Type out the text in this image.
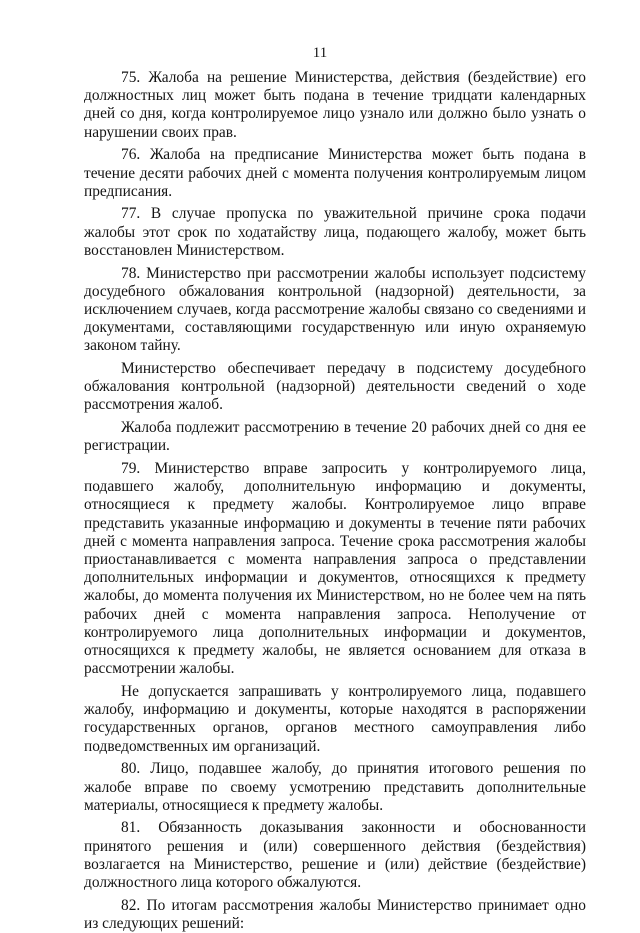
11

75. Жалоба на решение Министерства, действия (бездействие) его должностных лиц может быть подана в течение тридцати календарных дней со дня, когда контролируемое лицо узнало или должно было узнать о нарушении своих прав.

76. Жалоба на предписание Министерства может быть подана в течение десяти рабочих дней с момента получения контролируемым лицом предписания.

77. В случае пропуска по уважительной причине срока подачи жалобы этот срок по ходатайству лица, подающего жалобу, может быть восстановлен Министерством.

78. Министерство при рассмотрении жалобы использует подсистему досудебного обжалования контрольной (надзорной) деятельности, за исключением случаев, когда рассмотрение жалобы связано со сведениями и документами, составляющими государственную или иную охраняемую законом тайну.

Министерство обеспечивает передачу в подсистему досудебного обжалования контрольной (надзорной) деятельности сведений о ходе рассмотрения жалоб.

Жалоба подлежит рассмотрению в течение 20 рабочих дней со дня ее регистрации.

79. Министерство вправе запросить у контролируемого лица, подавшего жалобу, дополнительную информацию и документы, относящиеся к предмету жалобы. Контролируемое лицо вправе представить указанные информацию и документы в течение пяти рабочих дней с момента направления запроса. Течение срока рассмотрения жалобы приостанавливается с момента направления запроса о представлении дополнительных информации и документов, относящихся к предмету жалобы, до момента получения их Министерством, но не более чем на пять рабочих дней с момента направления запроса. Неполучение от контролируемого лица дополнительных информации и документов, относящихся к предмету жалобы, не является основанием для отказа в рассмотрении жалобы.

Не допускается запрашивать у контролируемого лица, подавшего жалобу, информацию и документы, которые находятся в распоряжении государственных органов, органов местного самоуправления либо подведомственных им организаций.

80. Лицо, подавшее жалобу, до принятия итогового решения по жалобе вправе по своему усмотрению представить дополнительные материалы, относящиеся к предмету жалобы.

81. Обязанность доказывания законности и обоснованности принятого решения и (или) совершенного действия (бездействия) возлагается на Министерство, решение и (или) действие (бездействие) должностного лица которого обжалуются.

82. По итогам рассмотрения жалобы Министерство принимает одно из следующих решений:
